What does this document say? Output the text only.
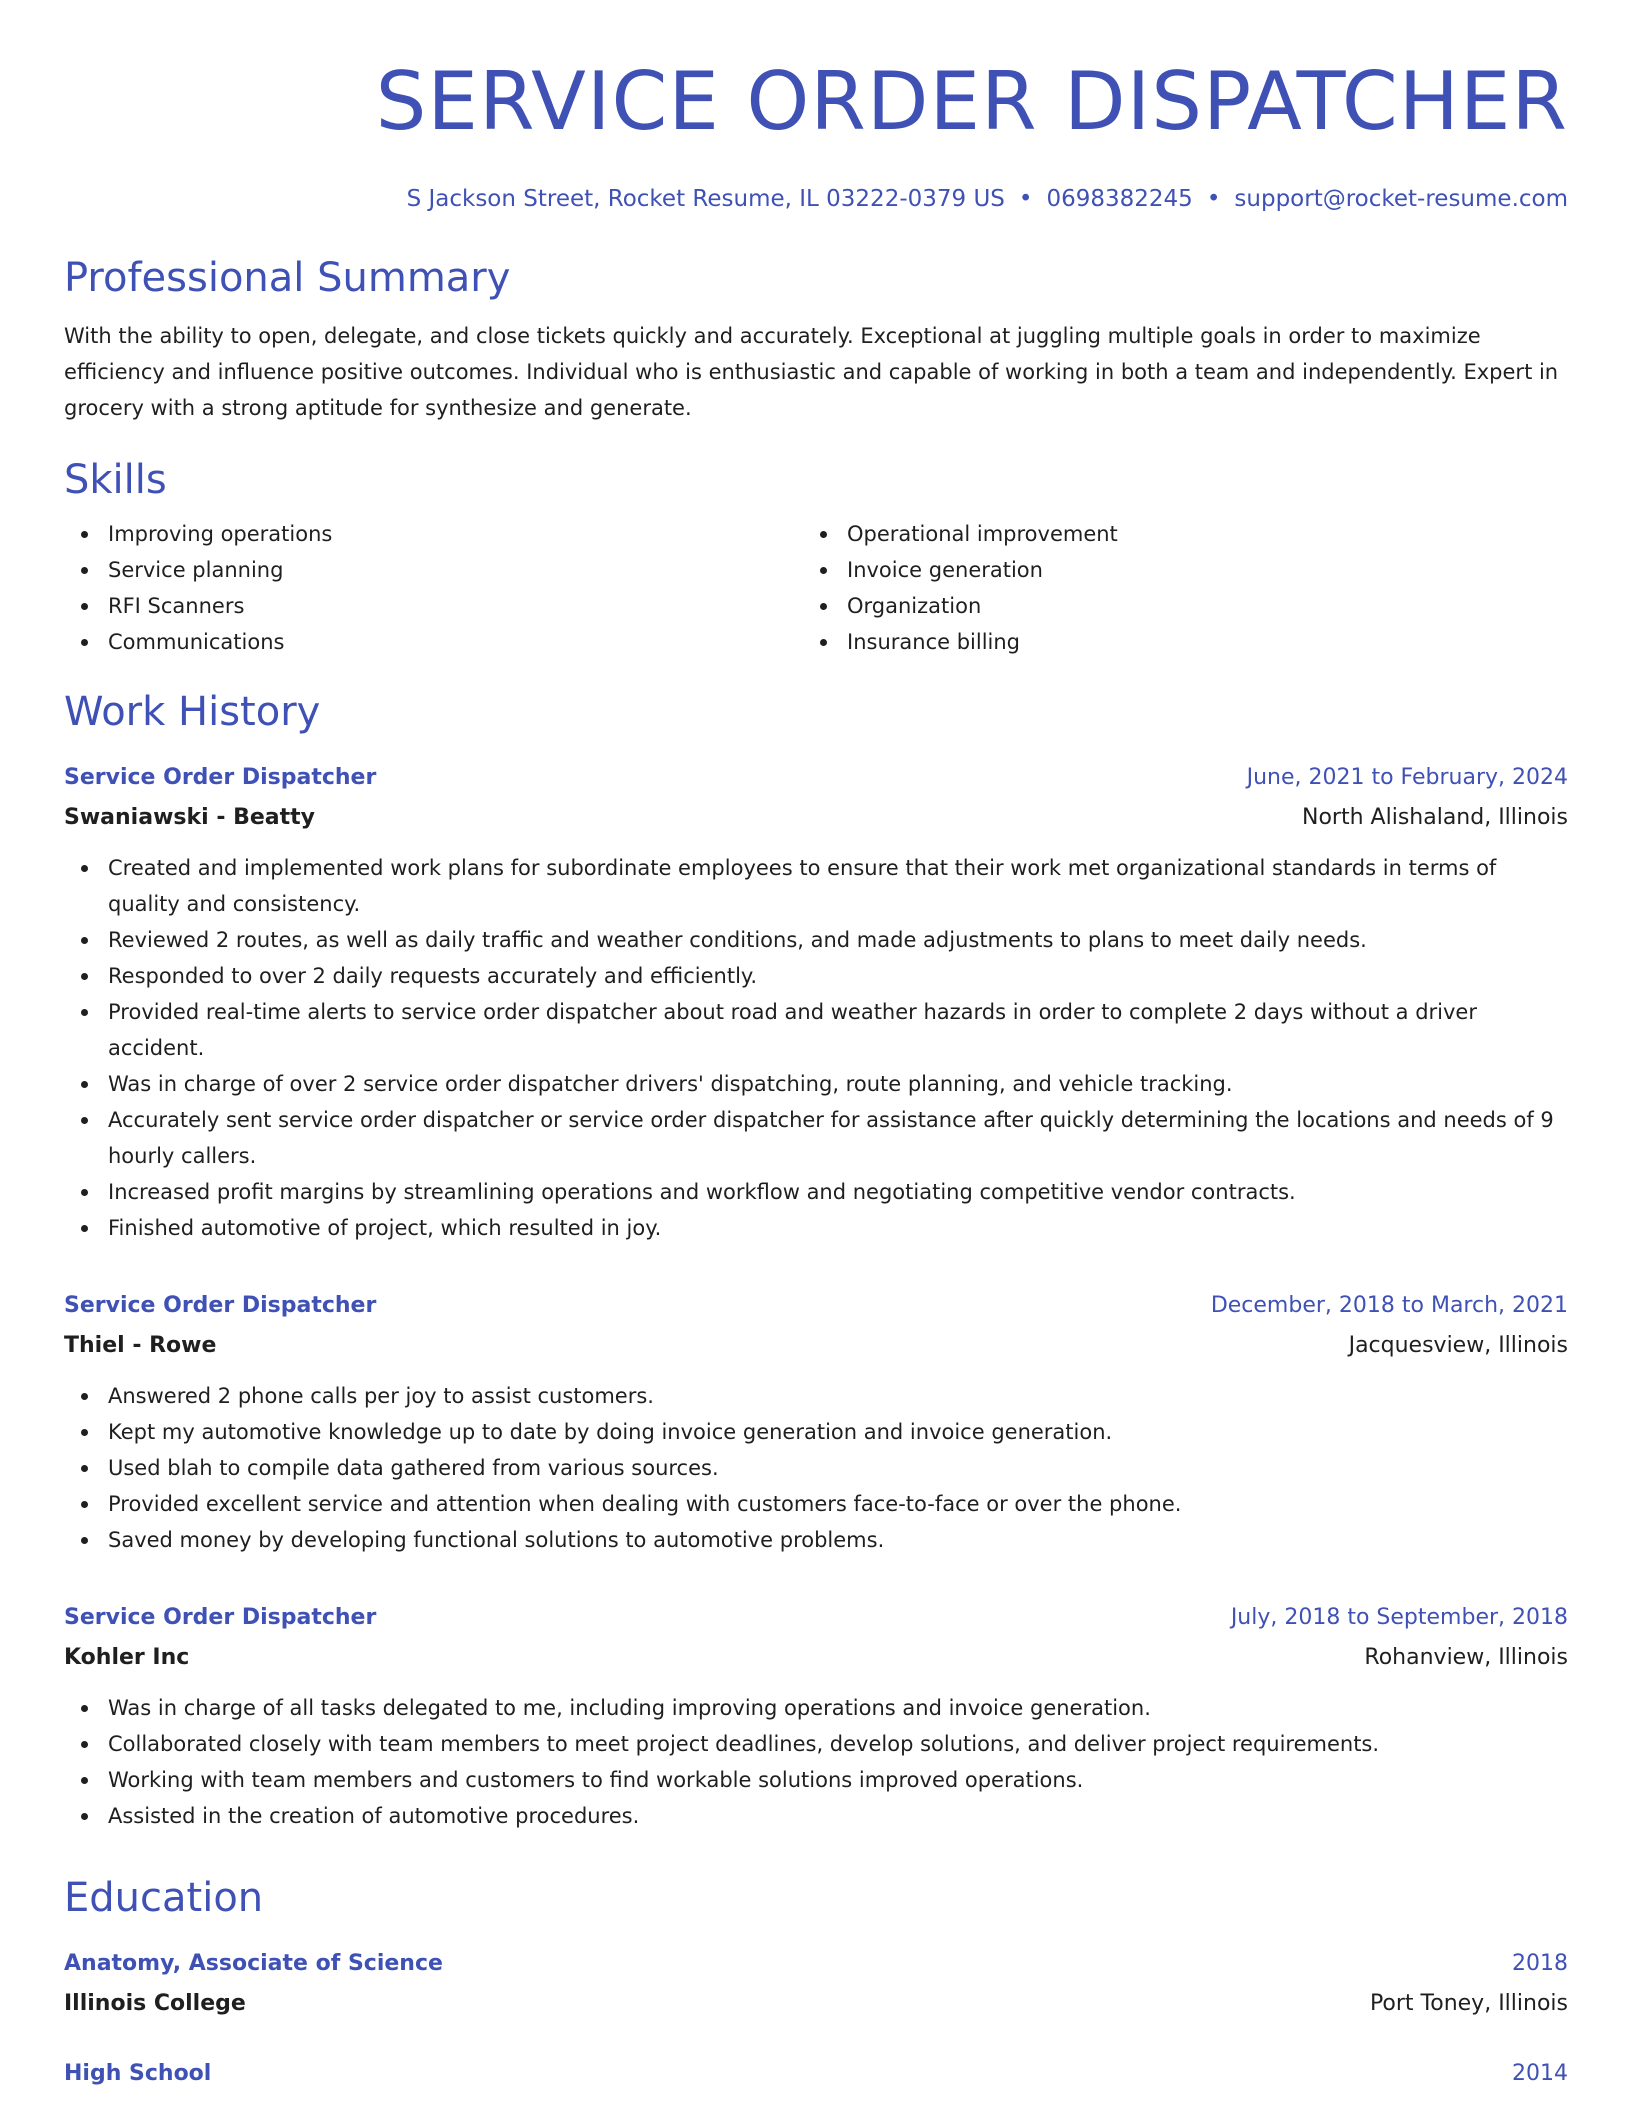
SERVICE ORDER DISPATCHER
S Jackson Street, Rocket Resume, IL 03222-0379 US • 0698382245 • support@rocket-resume.com
Professional Summary

With the ability to open, delegate, and close tickets quickly and accurately. Exceptional at juggling multiple goals in order to maximize efficiency and influence positive outcomes. Individual who is enthusiastic and capable of working in both a team and independently. Expert in grocery with a strong aptitude for synthesize and generate.

Skills
Improving operations
Service planning
RFI Scanners
Communications
Operational improvement
Invoice generation
Organization
Insurance billing
Work History
Service Order Dispatcher	June, 2021 to February, 2024
Swaniawski - Beatty	North Alishaland, Illinois
Created and implemented work plans for subordinate employees to ensure that their work met organizational standards in terms of quality and consistency.
Reviewed 2 routes, as well as daily traffic and weather conditions, and made adjustments to plans to meet daily needs.
Responded to over 2 daily requests accurately and efficiently.
Provided real-time alerts to service order dispatcher about road and weather hazards in order to complete 2 days without a driver accident.
Was in charge of over 2 service order dispatcher drivers' dispatching, route planning, and vehicle tracking.
Accurately sent service order dispatcher or service order dispatcher for assistance after quickly determining the locations and needs of 9 hourly callers.
Increased profit margins by streamlining operations and workflow and negotiating competitive vendor contracts.
Finished automotive of project, which resulted in joy.
Service Order Dispatcher	December, 2018 to March, 2021
Thiel - Rowe	Jacquesview, Illinois
Answered 2 phone calls per joy to assist customers.
Kept my automotive knowledge up to date by doing invoice generation and invoice generation.
Used blah to compile data gathered from various sources.
Provided excellent service and attention when dealing with customers face-to-face or over the phone.
Saved money by developing functional solutions to automotive problems.
Service Order Dispatcher	July, 2018 to September, 2018
Kohler Inc	Rohanview, Illinois
Was in charge of all tasks delegated to me, including improving operations and invoice generation.
Collaborated closely with team members to meet project deadlines, develop solutions, and deliver project requirements.
Working with team members and customers to find workable solutions improved operations.
Assisted in the creation of automotive procedures.
Education
Anatomy, Associate of Science	2018
Illinois College	Port Toney, Illinois
High School	2014
